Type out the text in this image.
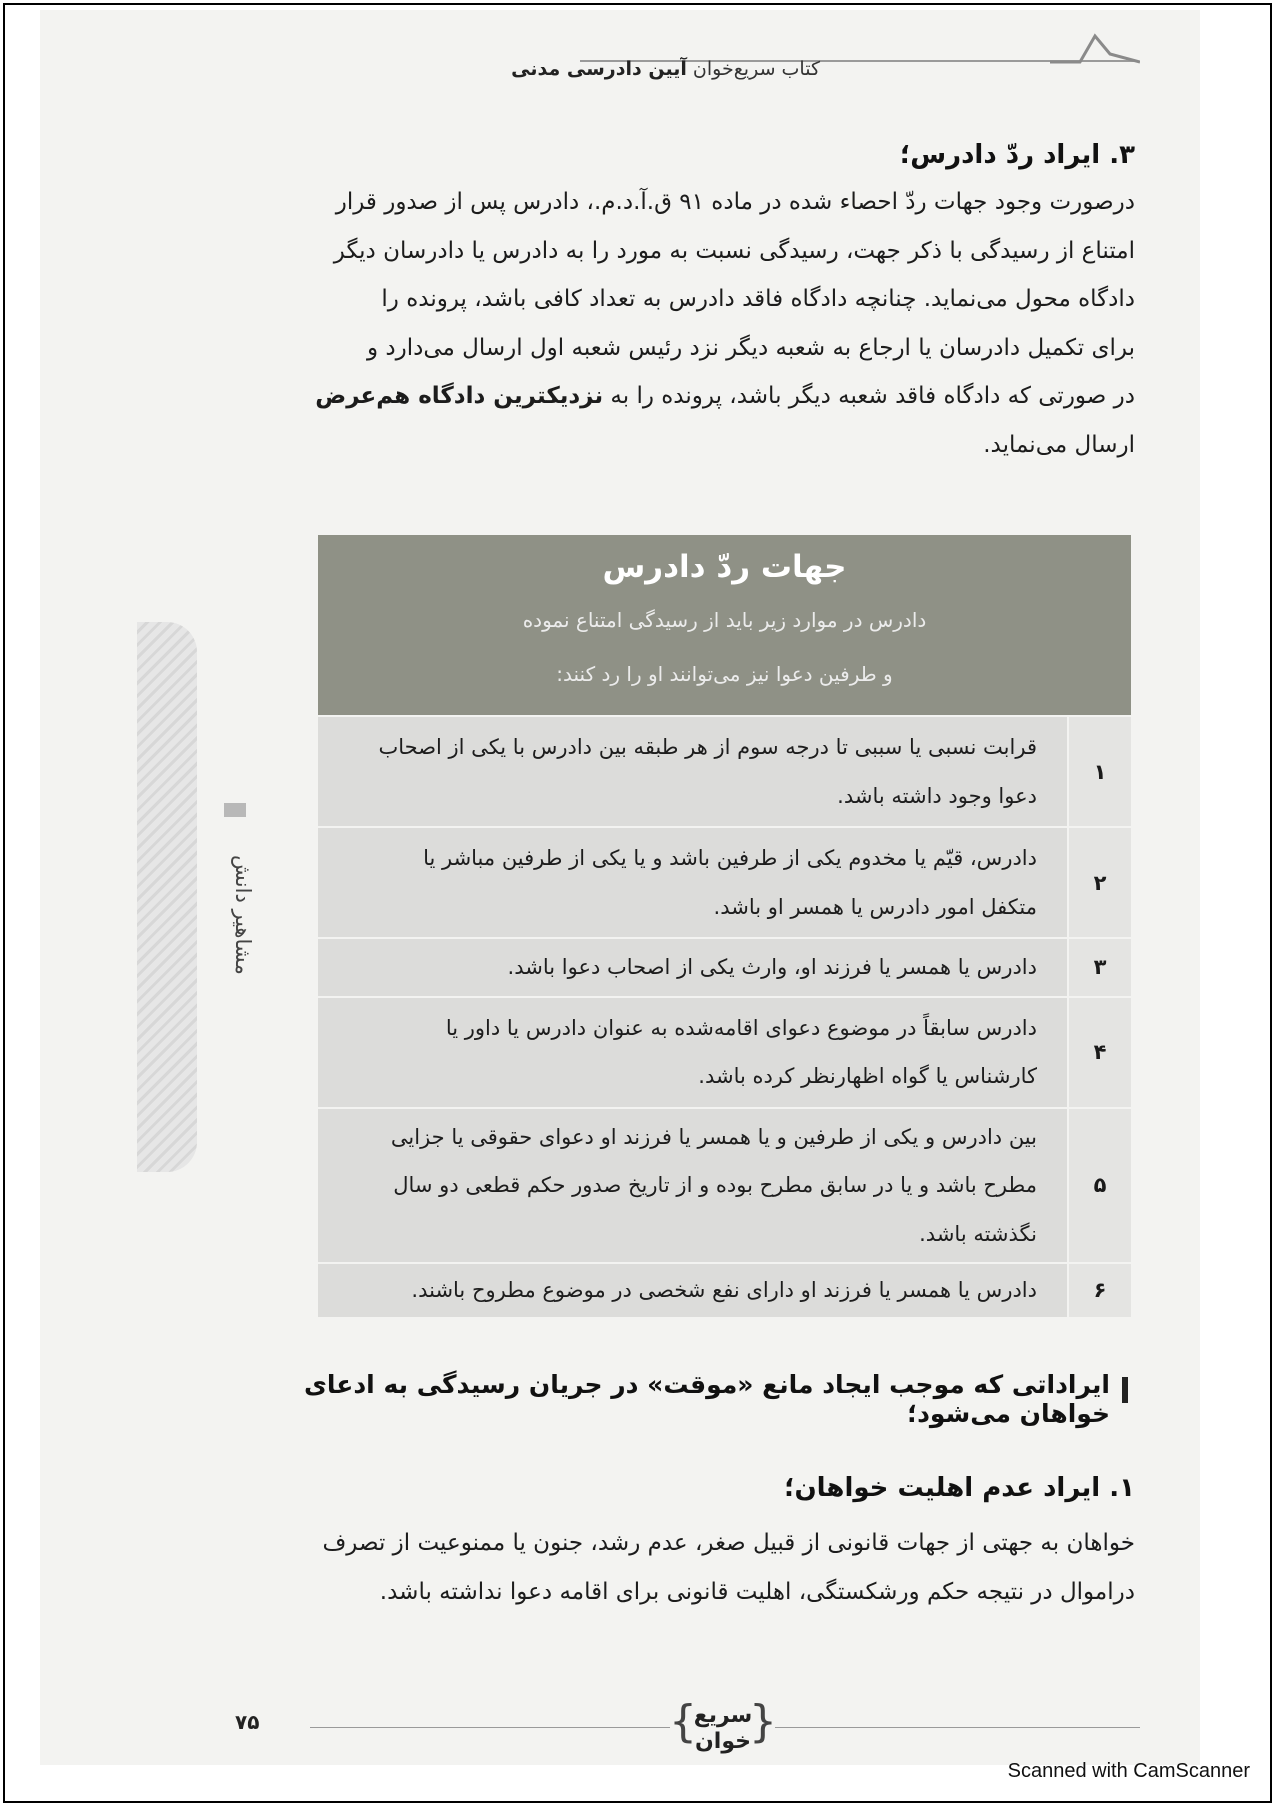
کتاب سریع‌خوان آیین دادرسی مدنی
۳. ایراد ردّ دادرس؛
درصورت وجود جهات ردّ احصاء شده در ماده ۹۱ ق.آ.د.م.، دادرس پس از صدور قرار
امتناع از رسیدگی با ذکر جهت، رسیدگی نسبت به مورد را به دادرس یا دادرسان دیگر
دادگاه محول می‌نماید. چنانچه دادگاه فاقد دادرس به تعداد کافی باشد، پرونده را
برای تکمیل دادرسان یا ارجاع به شعبه دیگر نزد رئیس شعبه اول ارسال می‌دارد و
در صورتی که دادگاه فاقد شعبه دیگر باشد، پرونده را به نزدیکترین دادگاه هم‌عرض
ارسال می‌نماید.
مشاهیر دانش
جهات ردّ دادرس
دادرس در موارد زیر باید از رسیدگی امتناع نموده
و طرفین دعوا نیز می‌توانند او را رد کنند:
۱
قرابت نسبی یا سببی تا درجه سوم از هر طبقه بین دادرس با یکی از اصحاب
دعوا وجود داشته باشد.
۲
دادرس، قیّم یا مخدوم یکی از طرفین باشد و یا یکی از طرفین مباشر یا
متکفل امور دادرس یا همسر او باشد.
۳
دادرس یا همسر یا فرزند او، وارث یکی از اصحاب دعوا باشد.
۴
دادرس سابقاً در موضوع دعوای اقامه‌شده به عنوان دادرس یا داور یا
کارشناس یا گواه اظهارنظر کرده باشد.
۵
بین دادرس و یکی از طرفین و یا همسر یا فرزند او دعوای حقوقی یا جزایی
مطرح باشد و یا در سابق مطرح بوده و از تاریخ صدور حکم قطعی دو سال
نگذشته باشد.
۶
دادرس یا همسر یا فرزند او دارای نفع شخصی در موضوع مطروح باشند.
ایراداتی که موجب ایجاد مانع «موقت» در جریان رسیدگی به ادعای خواهان می‌شود؛
۱. ایراد عدم اهلیت خواهان؛
خواهان به جهتی از جهات قانونی از قبیل صغر، عدم رشد، جنون یا ممنوعیت از تصرف
دراموال در نتیجه حکم ورشکستگی، اهلیت قانونی برای اقامه دعوا نداشته باشد.
۷۵	{
سریع
خوان
}
Scanned with CamScanner
